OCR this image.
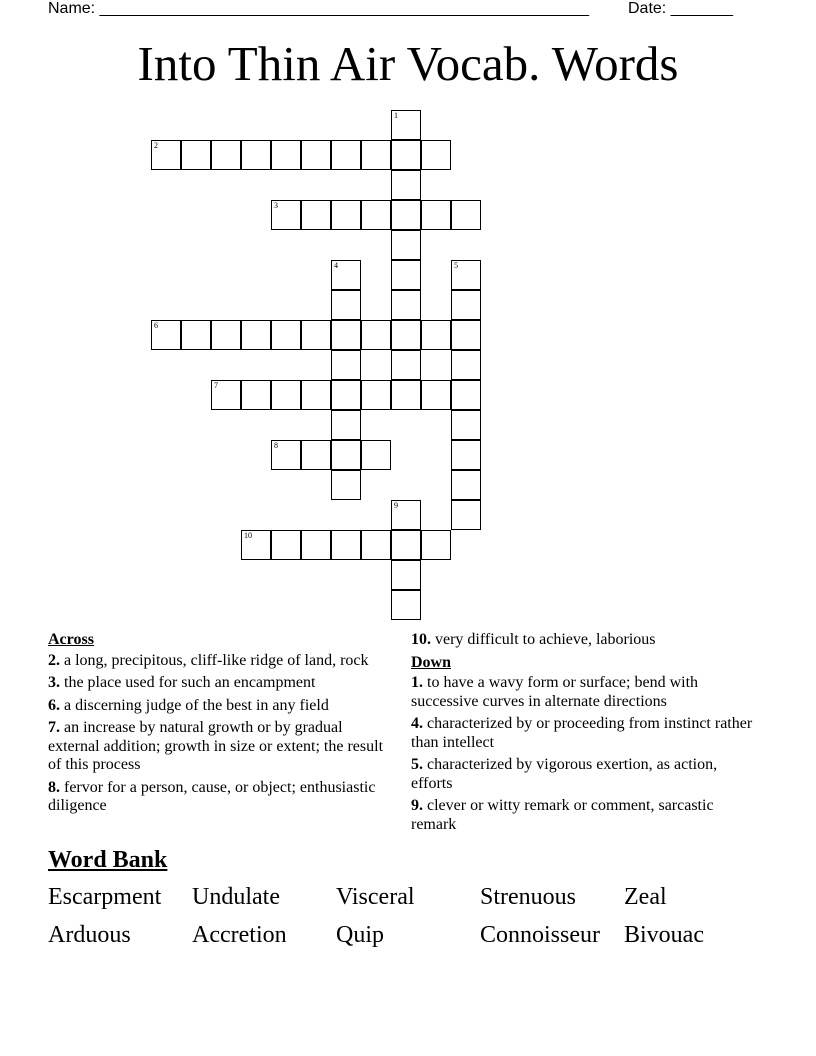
Name: _______________________________________________________ Date: _______
Into Thin Air Vocab. Words
1
2
3
4	5
6
7
8
9
10
Across
2. a long, precipitous, cliff-like ridge of land, rock
3. the place used for such an encampment
6. a discerning judge of the best in any field
7. an increase by natural growth or by gradual external addition; growth in size or extent; the result of this process
8. fervor for a person, cause, or object; enthusiastic diligence
10. very difficult to achieve, laborious
Down
1. to have a wavy form or surface; bend with successive curves in alternate directions
4. characterized by or proceeding from instinct rather than intellect
5. characterized by vigorous exertion, as action, efforts
9. clever or witty remark or comment, sarcastic remark
Word Bank
Escarpment	Undulate	Visceral	Strenuous	Zeal
Arduous	Accretion	Quip	Connoisseur	Bivouac
